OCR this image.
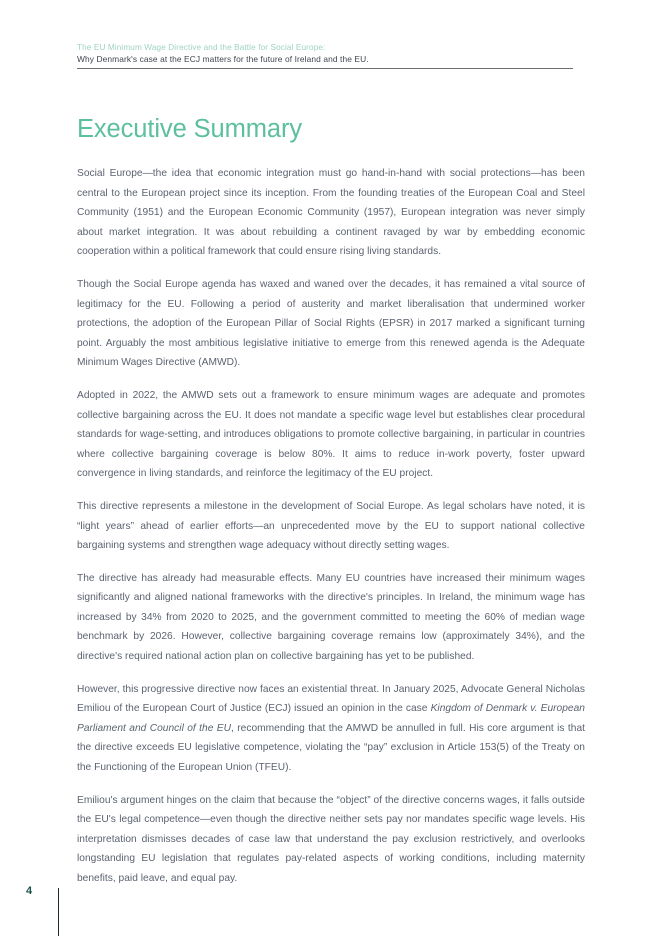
The EU Minimum Wage Directive and the Battle for Social Europe:
Why Denmark's case at the ECJ matters for the future of Ireland and the EU.
Executive Summary

Social Europe—the idea that economic integration must go hand-in-hand with social protections—has been central to the European project since its inception. From the founding treaties of the European Coal and Steel Community (1951) and the European Economic Community (1957), European integration was never simply about market integration. It was about rebuilding a continent ravaged by war by embedding economic cooperation within a political framework that could ensure rising living standards.

Though the Social Europe agenda has waxed and waned over the decades, it has remained a vital source of legitimacy for the EU. Following a period of austerity and market liberalisation that undermined worker protections, the adoption of the European Pillar of Social Rights (EPSR) in 2017 marked a significant turning point. Arguably the most ambitious legislative initiative to emerge from this renewed agenda is the Adequate Minimum Wages Directive (AMWD).

Adopted in 2022, the AMWD sets out a framework to ensure minimum wages are adequate and promotes collective bargaining across the EU. It does not mandate a specific wage level but establishes clear procedural standards for wage-setting, and introduces obligations to promote collective bargaining, in particular in countries where collective bargaining coverage is below 80%. It aims to reduce in-work poverty, foster upward convergence in living standards, and reinforce the legitimacy of the EU project.

This directive represents a milestone in the development of Social Europe. As legal scholars have noted, it is “light years” ahead of earlier efforts—an unprecedented move by the EU to support national collective bargaining systems and strengthen wage adequacy without directly setting wages.

The directive has already had measurable effects. Many EU countries have increased their minimum wages significantly and aligned national frameworks with the directive's principles. In Ireland, the minimum wage has increased by 34% from 2020 to 2025, and the government committed to meeting the 60% of median wage benchmark by 2026. However, collective bargaining coverage remains low (approximately 34%), and the directive's required national action plan on collective bargaining has yet to be published.

However, this progressive directive now faces an existential threat. In January 2025, Advocate General Nicholas Emiliou of the European Court of Justice (ECJ) issued an opinion in the case Kingdom of Denmark v. European Parliament and Council of the EU, recommending that the AMWD be annulled in full. His core argument is that the directive exceeds EU legislative competence, violating the “pay” exclusion in Article 153(5) of the Treaty on the Functioning of the European Union (TFEU).

Emiliou's argument hinges on the claim that because the “object” of the directive concerns wages, it falls outside the EU's legal competence—even though the directive neither sets pay nor mandates specific wage levels. His interpretation dismisses decades of case law that understand the pay exclusion restrictively, and overlooks longstanding EU legislation that regulates pay-related aspects of working conditions, including maternity benefits, paid leave, and equal pay.

4
